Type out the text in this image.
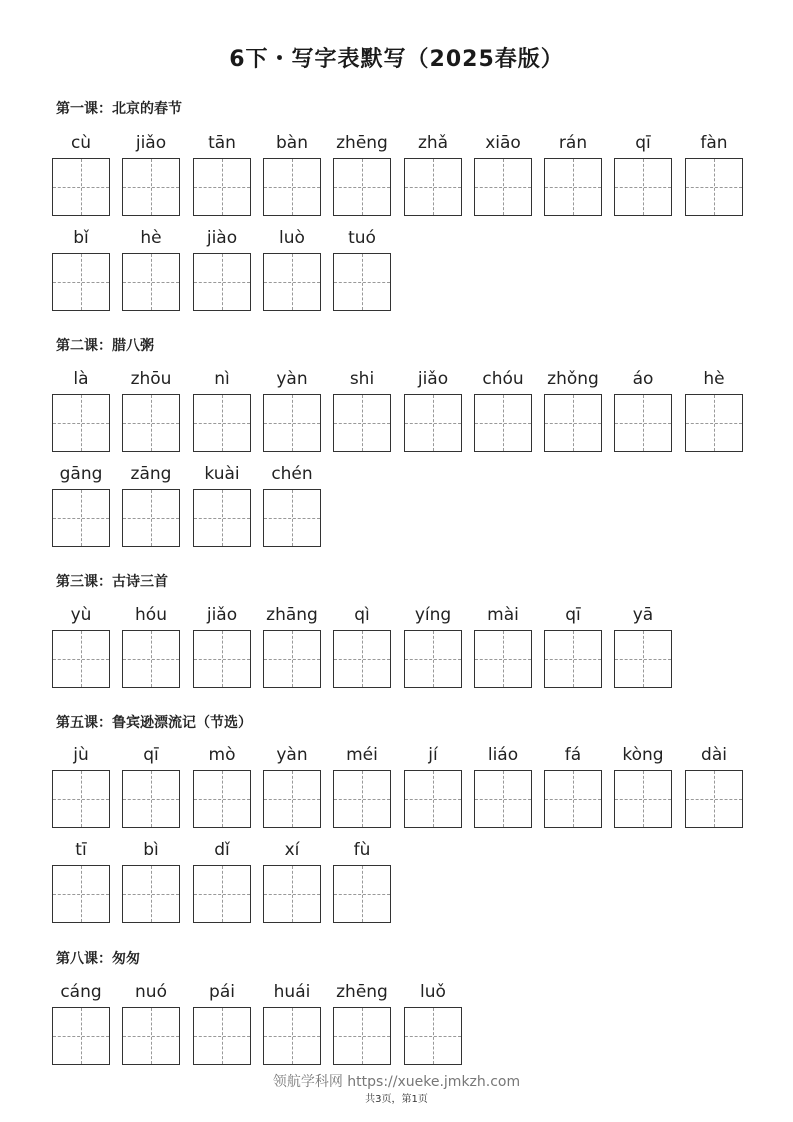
6下・写字表默写（2025春版）
第一课：北京的春节
cù	jiǎo	tān	bàn	zhēng	zhǎ	xiāo	rán	qī	fàn
bǐ	hè	jiào	luò	tuó
第二课：腊八粥
là	zhōu	nì	yàn	shi	jiǎo	chóu	zhǒng	áo	hè
gāng	zāng	kuài	chén
第三课：古诗三首
yù	hóu	jiǎo	zhāng	qì	yíng	mài	qī	yā
第五课：鲁宾逊漂流记（节选）
jù	qī	mò	yàn	méi	jí	liáo	fá	kòng	dài
tī	bì	dǐ	xí	fù
第八课：匆匆
cáng	nuó	pái	huái	zhēng	luǒ
领航学科网 https://xueke.jmkzh.com
共3页，第1页
